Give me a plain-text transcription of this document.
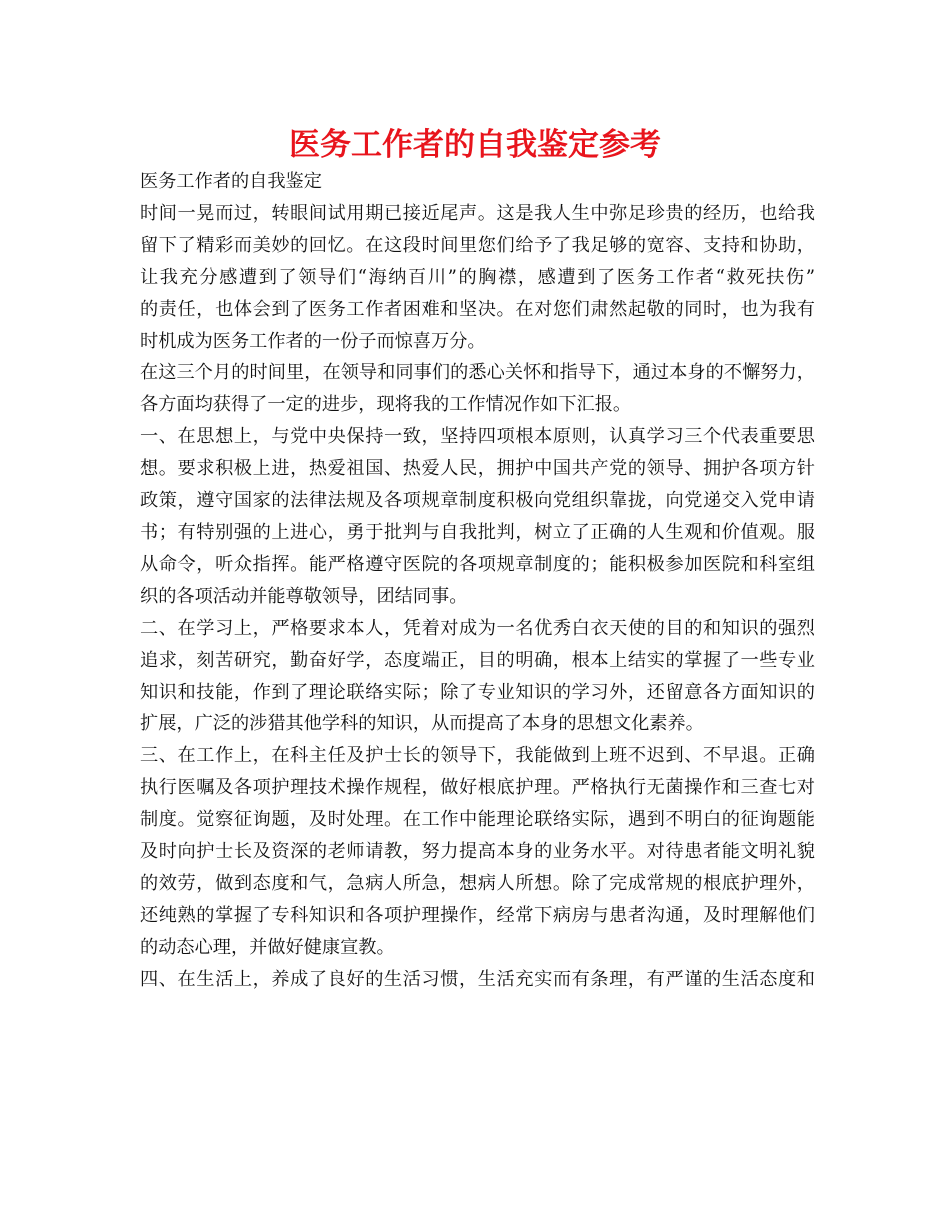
医务工作者的自我鉴定参考
医务工作者的自我鉴定
时间一晃而过，转眼间试用期已接近尾声。这是我人生中弥足珍贵的经历，也给我
留下了精彩而美妙的回忆。在这段时间里您们给予了我足够的宽容、支持和协助，
让我充分感遭到了领导们“海纳百川”的胸襟，感遭到了医务工作者“救死扶伤”
的责任，也体会到了医务工作者困难和坚决。在对您们肃然起敬的同时，也为我有
时机成为医务工作者的一份子而惊喜万分。
在这三个月的时间里，在领导和同事们的悉心关怀和指导下，通过本身的不懈努力，
各方面均获得了一定的进步，现将我的工作情况作如下汇报。
一、在思想上，与党中央保持一致，坚持四项根本原则，认真学习三个代表重要思
想。要求积极上进，热爱祖国、热爱人民，拥护中国共产党的领导、拥护各项方针
政策，遵守国家的法律法规及各项规章制度积极向党组织靠拢，向党递交入党申请
书；有特别强的上进心，勇于批判与自我批判，树立了正确的人生观和价值观。服
从命令，听众指挥。能严格遵守医院的各项规章制度的；能积极参加医院和科室组
织的各项活动并能尊敬领导，团结同事。
二、在学习上，严格要求本人，凭着对成为一名优秀白衣天使的目的和知识的强烈
追求，刻苦研究，勤奋好学，态度端正，目的明确，根本上结实的掌握了一些专业
知识和技能，作到了理论联络实际；除了专业知识的学习外，还留意各方面知识的
扩展，广泛的涉猎其他学科的知识，从而提高了本身的思想文化素养。
三、在工作上，在科主任及护士长的领导下，我能做到上班不迟到、不早退。正确
执行医嘱及各项护理技术操作规程，做好根底护理。严格执行无菌操作和三查七对
制度。觉察征询题，及时处理。在工作中能理论联络实际，遇到不明白的征询题能
及时向护士长及资深的老师请教，努力提高本身的业务水平。对待患者能文明礼貌
的效劳，做到态度和气，急病人所急，想病人所想。除了完成常规的根底护理外，
还纯熟的掌握了专科知识和各项护理操作，经常下病房与患者沟通，及时理解他们
的动态心理，并做好健康宣教。
四、在生活上，养成了良好的生活习惯，生活充实而有条理，有严谨的生活态度和
